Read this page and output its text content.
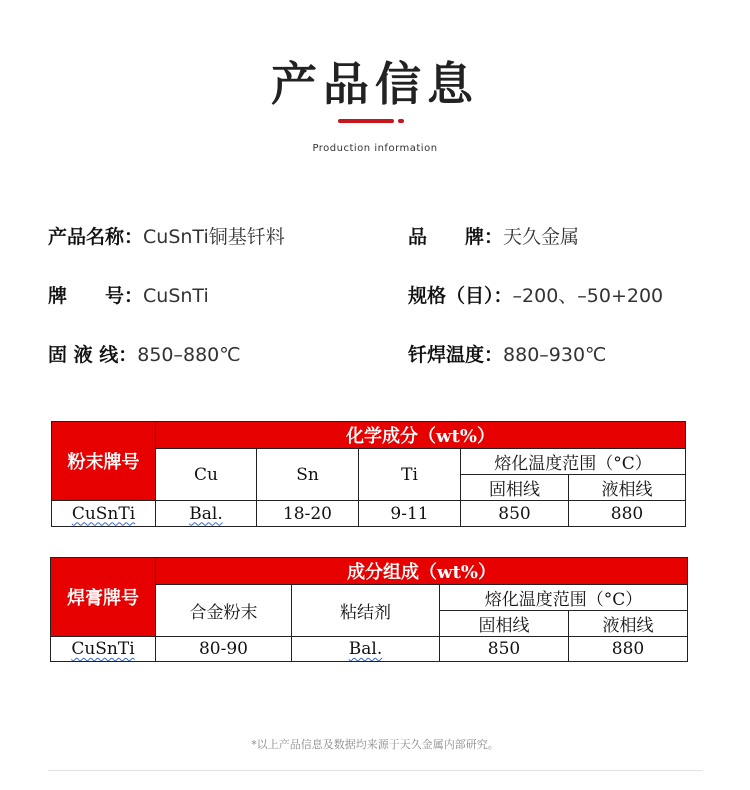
产品信息
Production information
产品名称：CuSnTi铜基钎料	品　　牌：天久金属
牌　　号：CuSnTi	规格（目）：–200、–50+200
固 液 线：850–880℃	钎焊温度：880–930℃
粉末牌号	化学成分（wt%）				
	Cu	Sn	Ti	熔化温度范围（°C）	
				固相线	液相线
CuSnTi	Bal.	18-20	9-11	850	880
焊膏牌号	成分组成（wt%）			
	合金粉末	粘结剂	熔化温度范围（°C）	
			固相线	液相线
CuSnTi	80-90	Bal.	850	880
*以上产品信息及数据均来源于天久金属内部研究。
